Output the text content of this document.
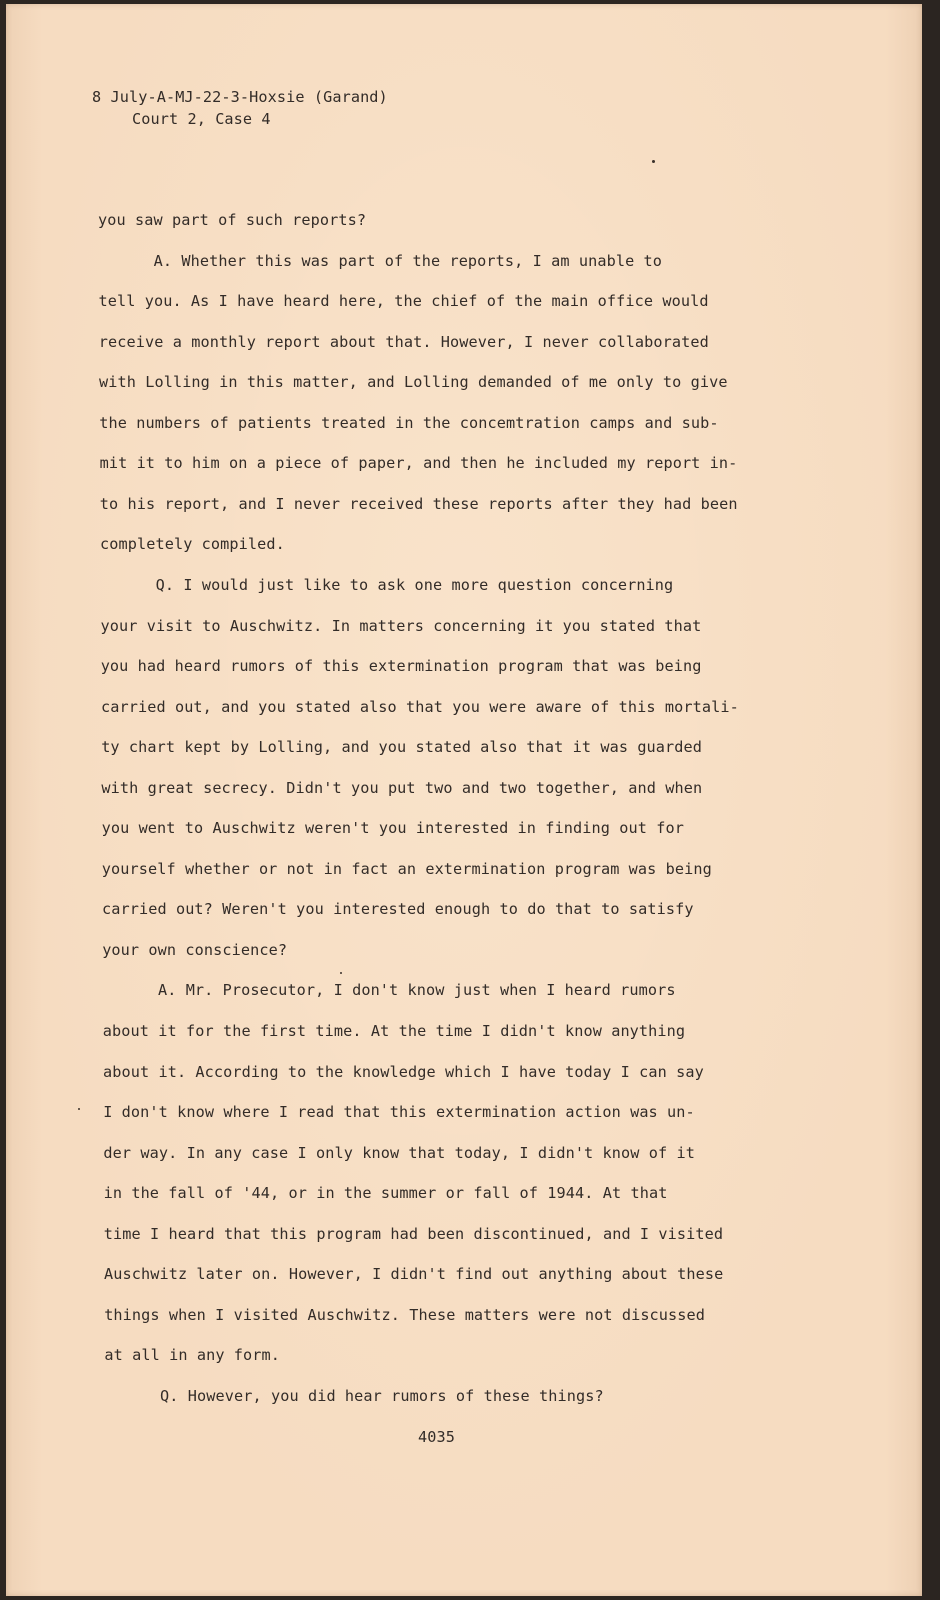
8 July-A-MJ-22-3-Hoxsie (Garand)
Court 2, Case 4
you saw part of such reports?
A. Whether this was part of the reports, I am unable to
tell you. As I have heard here, the chief of the main office would
receive a monthly report about that. However, I never collaborated
with Lolling in this matter, and Lolling demanded of me only to give
the numbers of patients treated in the concemtration camps and sub-
mit it to him on a piece of paper, and then he included my report in-
to his report, and I never received these reports after they had been
completely compiled.
Q. I would just like to ask one more question concerning
your visit to Auschwitz. In matters concerning it you stated that
you had heard rumors of this extermination program that was being
carried out, and you stated also that you were aware of this mortali-
ty chart kept by Lolling, and you stated also that it was guarded
with great secrecy. Didn't you put two and two together, and when
you went to Auschwitz weren't you interested in finding out for
yourself whether or not in fact an extermination program was being
carried out? Weren't you interested enough to do that to satisfy
your own conscience?
A. Mr. Prosecutor, I don't know just when I heard rumors
about it for the first time. At the time I didn't know anything
about it. According to the knowledge which I have today I can say
I don't know where I read that this extermination action was un-
der way. In any case I only know that today, I didn't know of it
in the fall of '44, or in the summer or fall of 1944. At that
time I heard that this program had been discontinued, and I visited
Auschwitz later on. However, I didn't find out anything about these
things when I visited Auschwitz. These matters were not discussed
at all in any form.
Q. However, you did hear rumors of these things?
4035
